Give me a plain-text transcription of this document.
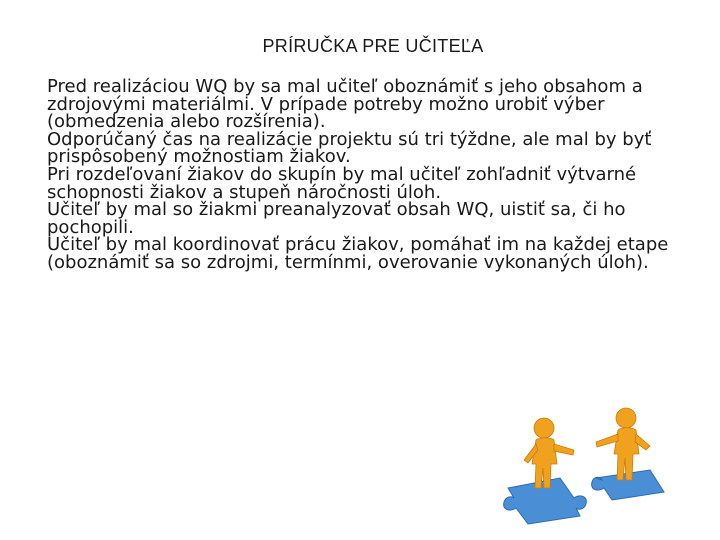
PRÍRUČKA PRE UČITEĽA

Pred realizáciou WQ by sa mal učiteľ oboznámiť s jeho obsahom a zdrojovými materiálmi. V prípade potreby možno urobiť výber (obmedzenia alebo rozšírenia).

Odporúčaný čas na realizácie projektu sú tri týždne, ale mal by byť prispôsobený možnostiam žiakov.

Pri rozdeľovaní žiakov do skupín by mal učiteľ zohľadniť výtvarné schopnosti žiakov a stupeň náročnosti úloh.

Učiteľ by mal so žiakmi preanalyzovať obsah WQ, uistiť sa, či ho pochopili.

Učiteľ by mal koordinovať prácu žiakov, pomáhať im na každej etape (oboznámiť sa so zdrojmi, termínmi, overovanie vykonaných úloh).
